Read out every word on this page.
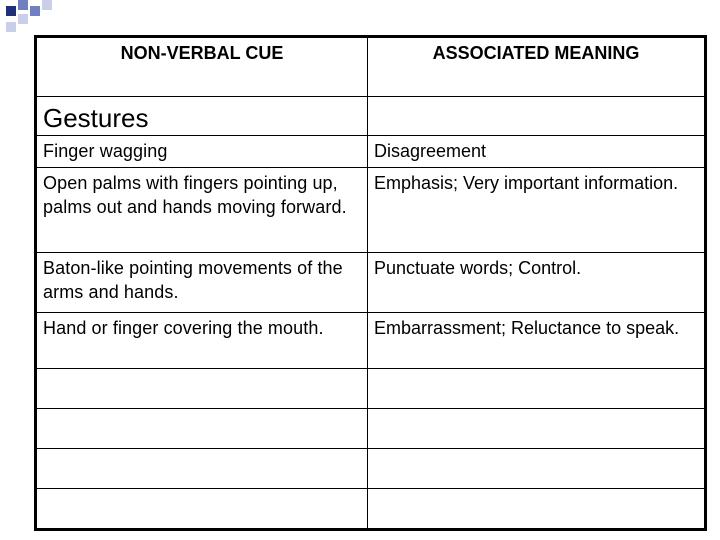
NON-VERBAL CUE	ASSOCIATED MEANING
Gestures	
Finger wagging	Disagreement
Open palms with fingers pointing up, palms out and hands moving forward.	Emphasis; Very important information.
Baton-like pointing movements of the arms and hands.	Punctuate words; Control.
Hand or finger covering the mouth.	Embarrassment; Reluctance to speak.
